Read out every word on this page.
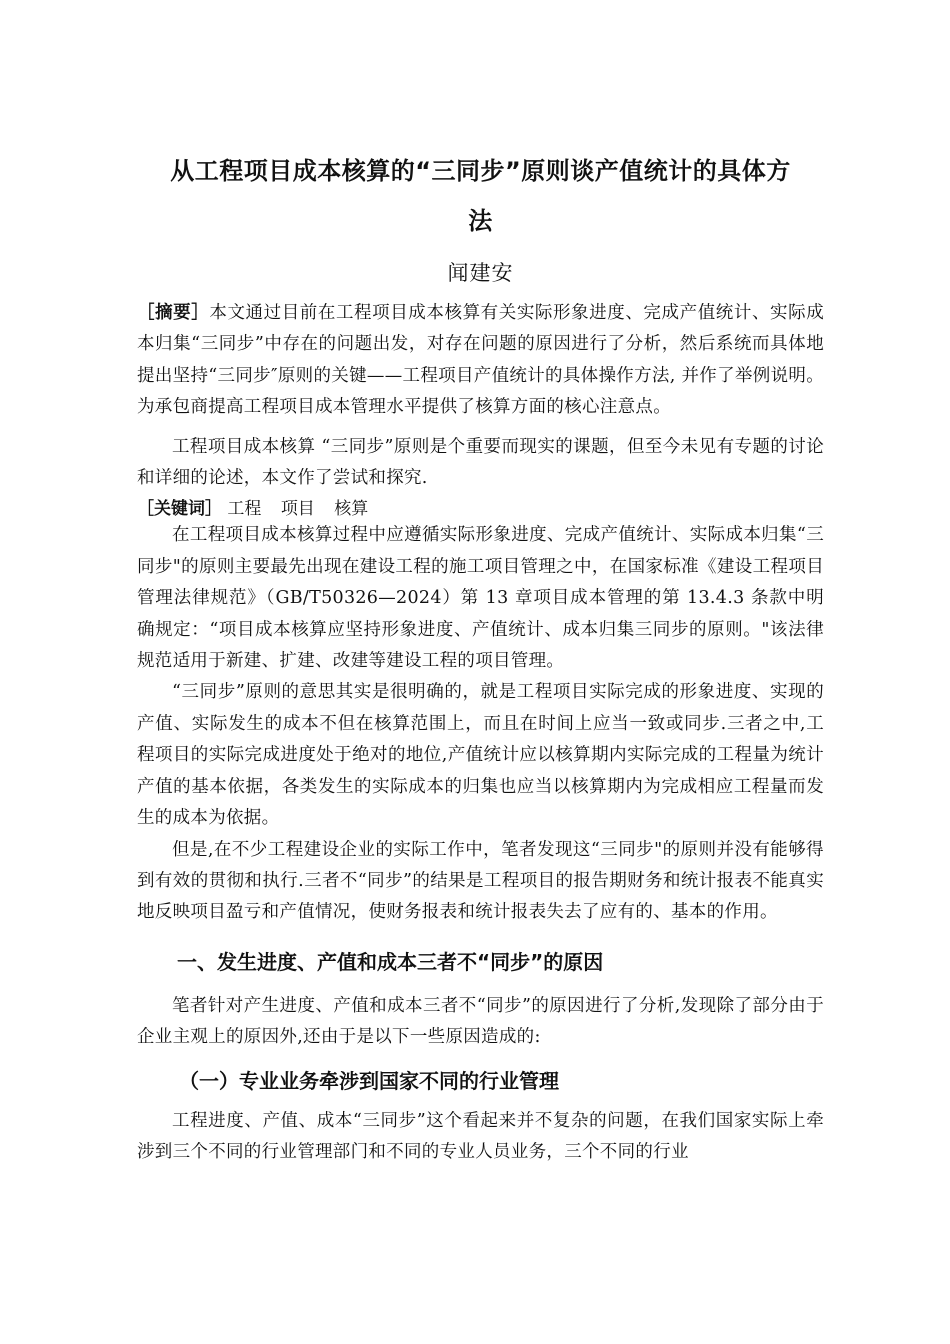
从工程项目成本核算的“三同步”原则谈产值统计的具体方
法
闻建安

［摘要］本文通过目前在工程项目成本核算有关实际形象进度、完成产值统计、实际成本归集“三同步”中存在的问题出发，对存在问题的原因进行了分析，然后系统而具体地提出坚持“三同步″原则的关键——工程项目产值统计的具体操作方法, 并作了举例说明。为承包商提高工程项目成本管理水平提供了核算方面的核心注意点。

工程项目成本核算 “三同步”原则是个重要而现实的课题，但至今未见有专题的讨论和详细的论述，本文作了尝试和探究.

［关键词］ 工程 项目 核算

在工程项目成本核算过程中应遵循实际形象进度、完成产值统计、实际成本归集“三同步"的原则主要最先出现在建设工程的施工项目管理之中，在国家标准《建设工程项目管理法律规范》（GB/T50326—2024）第 13 章项目成本管理的第 13.4.3 条款中明确规定：“项目成本核算应坚持形象进度、产值统计、成本归集三同步的原则。"该法律规范适用于新建、扩建、改建等建设工程的项目管理。

“三同步”原则的意思其实是很明确的，就是工程项目实际完成的形象进度、实现的产值、实际发生的成本不但在核算范围上，而且在时间上应当一致或同步.三者之中,工程项目的实际完成进度处于绝对的地位,产值统计应以核算期内实际完成的工程量为统计产值的基本依据，各类发生的实际成本的归集也应当以核算期内为完成相应工程量而发生的成本为依据。

但是,在不少工程建设企业的实际工作中，笔者发现这“三同步"的原则并没有能够得到有效的贯彻和执行.三者不“同步”的结果是工程项目的报告期财务和统计报表不能真实地反映项目盈亏和产值情况，使财务报表和统计报表失去了应有的、基本的作用。

一、发生进度、产值和成本三者不“同步”的原因

笔者针对产生进度、产值和成本三者不“同步”的原因进行了分析,发现除了部分由于企业主观上的原因外,还由于是以下一些原因造成的:

（一）专业业务牵涉到国家不同的行业管理

工程进度、产值、成本“三同步”这个看起来并不复杂的问题，在我们国家实际上牵涉到三个不同的行业管理部门和不同的专业人员业务，三个不同的行业
